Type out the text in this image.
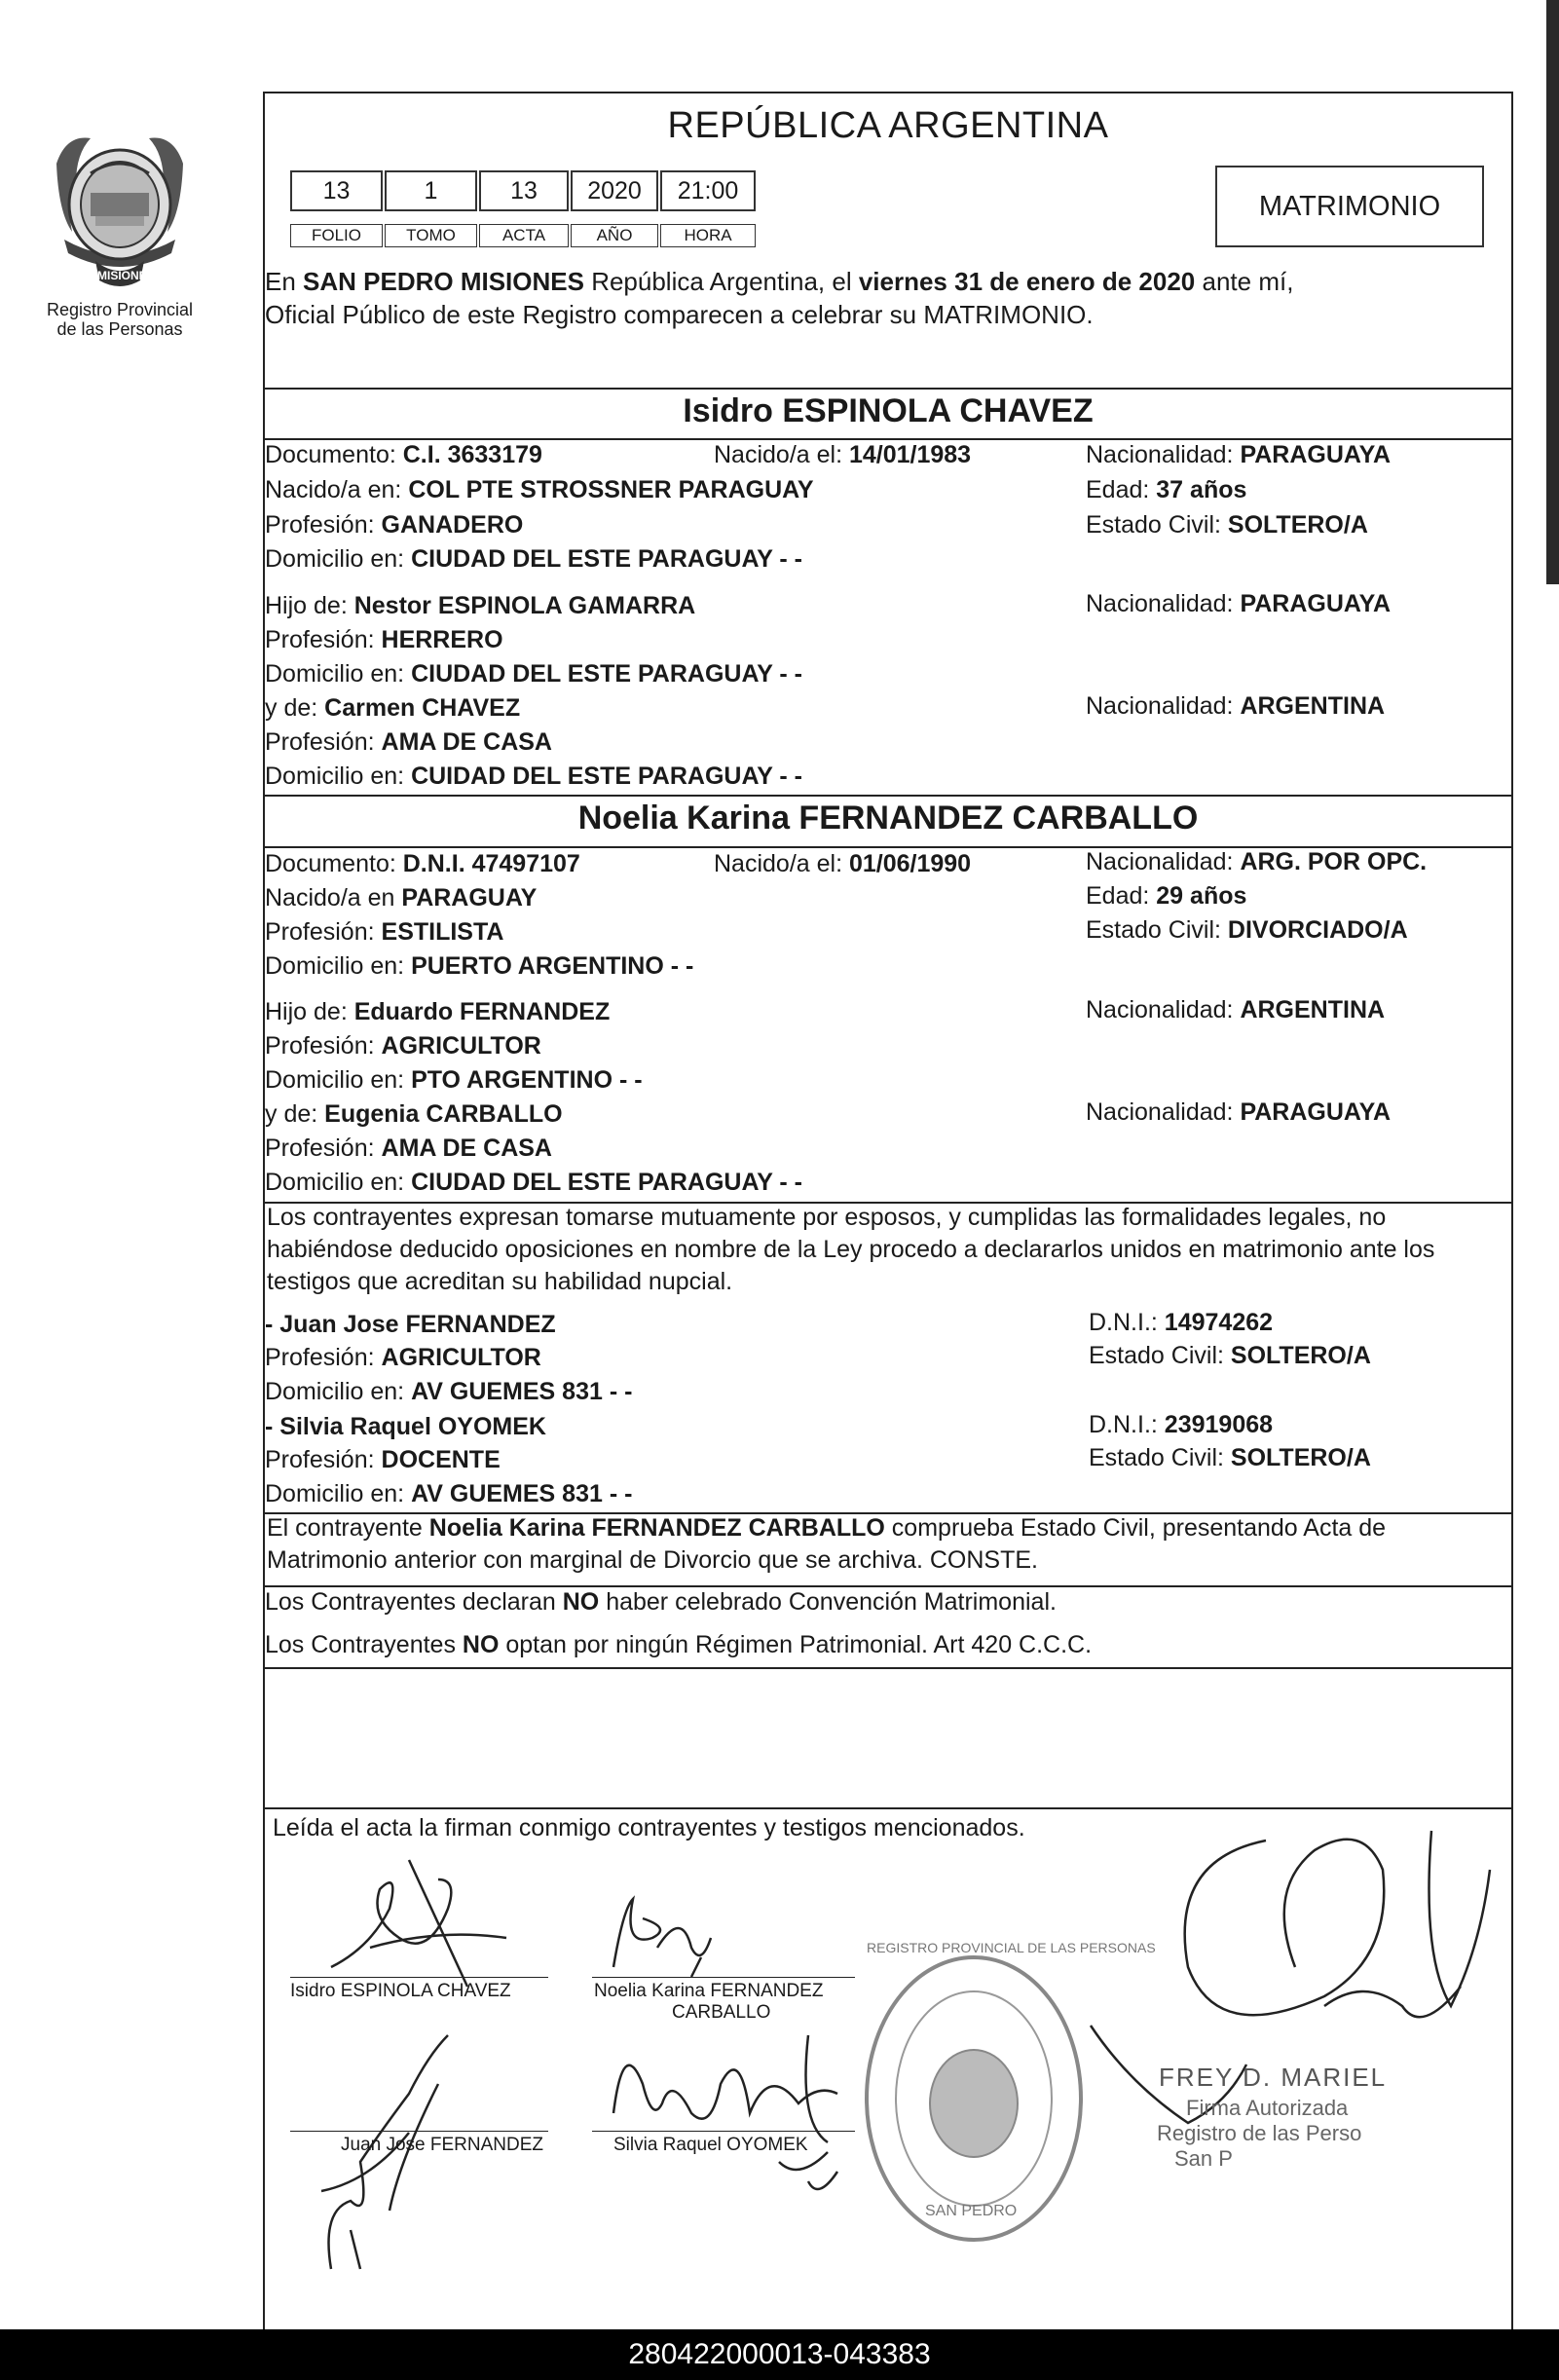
PROVINCIA DE
MISIONES
Registro Provincial
de las Personas
REPÚBLICA ARGENTINA
13	1	13	2020	21:00
FOLIO	TOMO	ACTA	AÑO	HORA
MATRIMONIO
En SAN PEDRO MISIONES República Argentina, el viernes 31 de enero de 2020 ante mí,
Oficial Público de este Registro comparecen a celebrar su MATRIMONIO.
Isidro ESPINOLA CHAVEZ
Documento: C.I. 3633179	Nacido/a el: 14/01/1983	Nacionalidad: PARAGUAYA
Nacido/a en: COL PTE STROSSNER PARAGUAY	Edad: 37 años
Profesión: GANADERO	Estado Civil: SOLTERO/A
Domicilio en: CIUDAD DEL ESTE PARAGUAY - -
Hijo de: Nestor ESPINOLA GAMARRA	Nacionalidad: PARAGUAYA
Profesión: HERRERO
Domicilio en: CIUDAD DEL ESTE PARAGUAY - -
y de: Carmen CHAVEZ	Nacionalidad: ARGENTINA
Profesión: AMA DE CASA
Domicilio en: CUIDAD DEL ESTE PARAGUAY - -
Noelia Karina FERNANDEZ CARBALLO
Documento: D.N.I. 47497107	Nacido/a el: 01/06/1990	Nacionalidad: ARG. POR OPC.
Nacido/a en PARAGUAY	Edad: 29 años
Profesión: ESTILISTA	Estado Civil: DIVORCIADO/A
Domicilio en: PUERTO ARGENTINO - -
Hijo de: Eduardo FERNANDEZ	Nacionalidad: ARGENTINA
Profesión: AGRICULTOR
Domicilio en: PTO ARGENTINO - -
y de: Eugenia CARBALLO	Nacionalidad: PARAGUAYA
Profesión: AMA DE CASA
Domicilio en: CIUDAD DEL ESTE PARAGUAY - -
Los contrayentes expresan tomarse mutuamente por esposos, y cumplidas las formalidades legales, no habiéndose deducido oposiciones en nombre de la Ley procedo a declararlos unidos en matrimonio ante los testigos que acreditan su habilidad nupcial.
- Juan Jose FERNANDEZ	D.N.I.: 14974262
Profesión: AGRICULTOR	Estado Civil: SOLTERO/A
Domicilio en: AV GUEMES 831 - -
- Silvia Raquel OYOMEK	D.N.I.: 23919068
Profesión: DOCENTE	Estado Civil: SOLTERO/A
Domicilio en: AV GUEMES 831 - -
El contrayente Noelia Karina FERNANDEZ CARBALLO comprueba Estado Civil, presentando Acta de Matrimonio anterior con marginal de Divorcio que se archiva. CONSTE.
Los Contrayentes declaran NO haber celebrado Convención Matrimonial.
Los Contrayentes NO optan por ningún Régimen Patrimonial. Art 420 C.C.C.
Leída el acta la firman conmigo contrayentes y testigos mencionados.
Isidro ESPINOLA CHAVEZ	Noelia Karina FERNANDEZ
CARBALLO
Juan Jose FERNANDEZ	Silvia Raquel OYOMEK
REGISTRO PROVINCIAL DE LAS PERSONAS
SAN PEDRO
FREY D. MARIEL
Firma Autorizada
Registro de las Perso
San P
280422000013-043383
